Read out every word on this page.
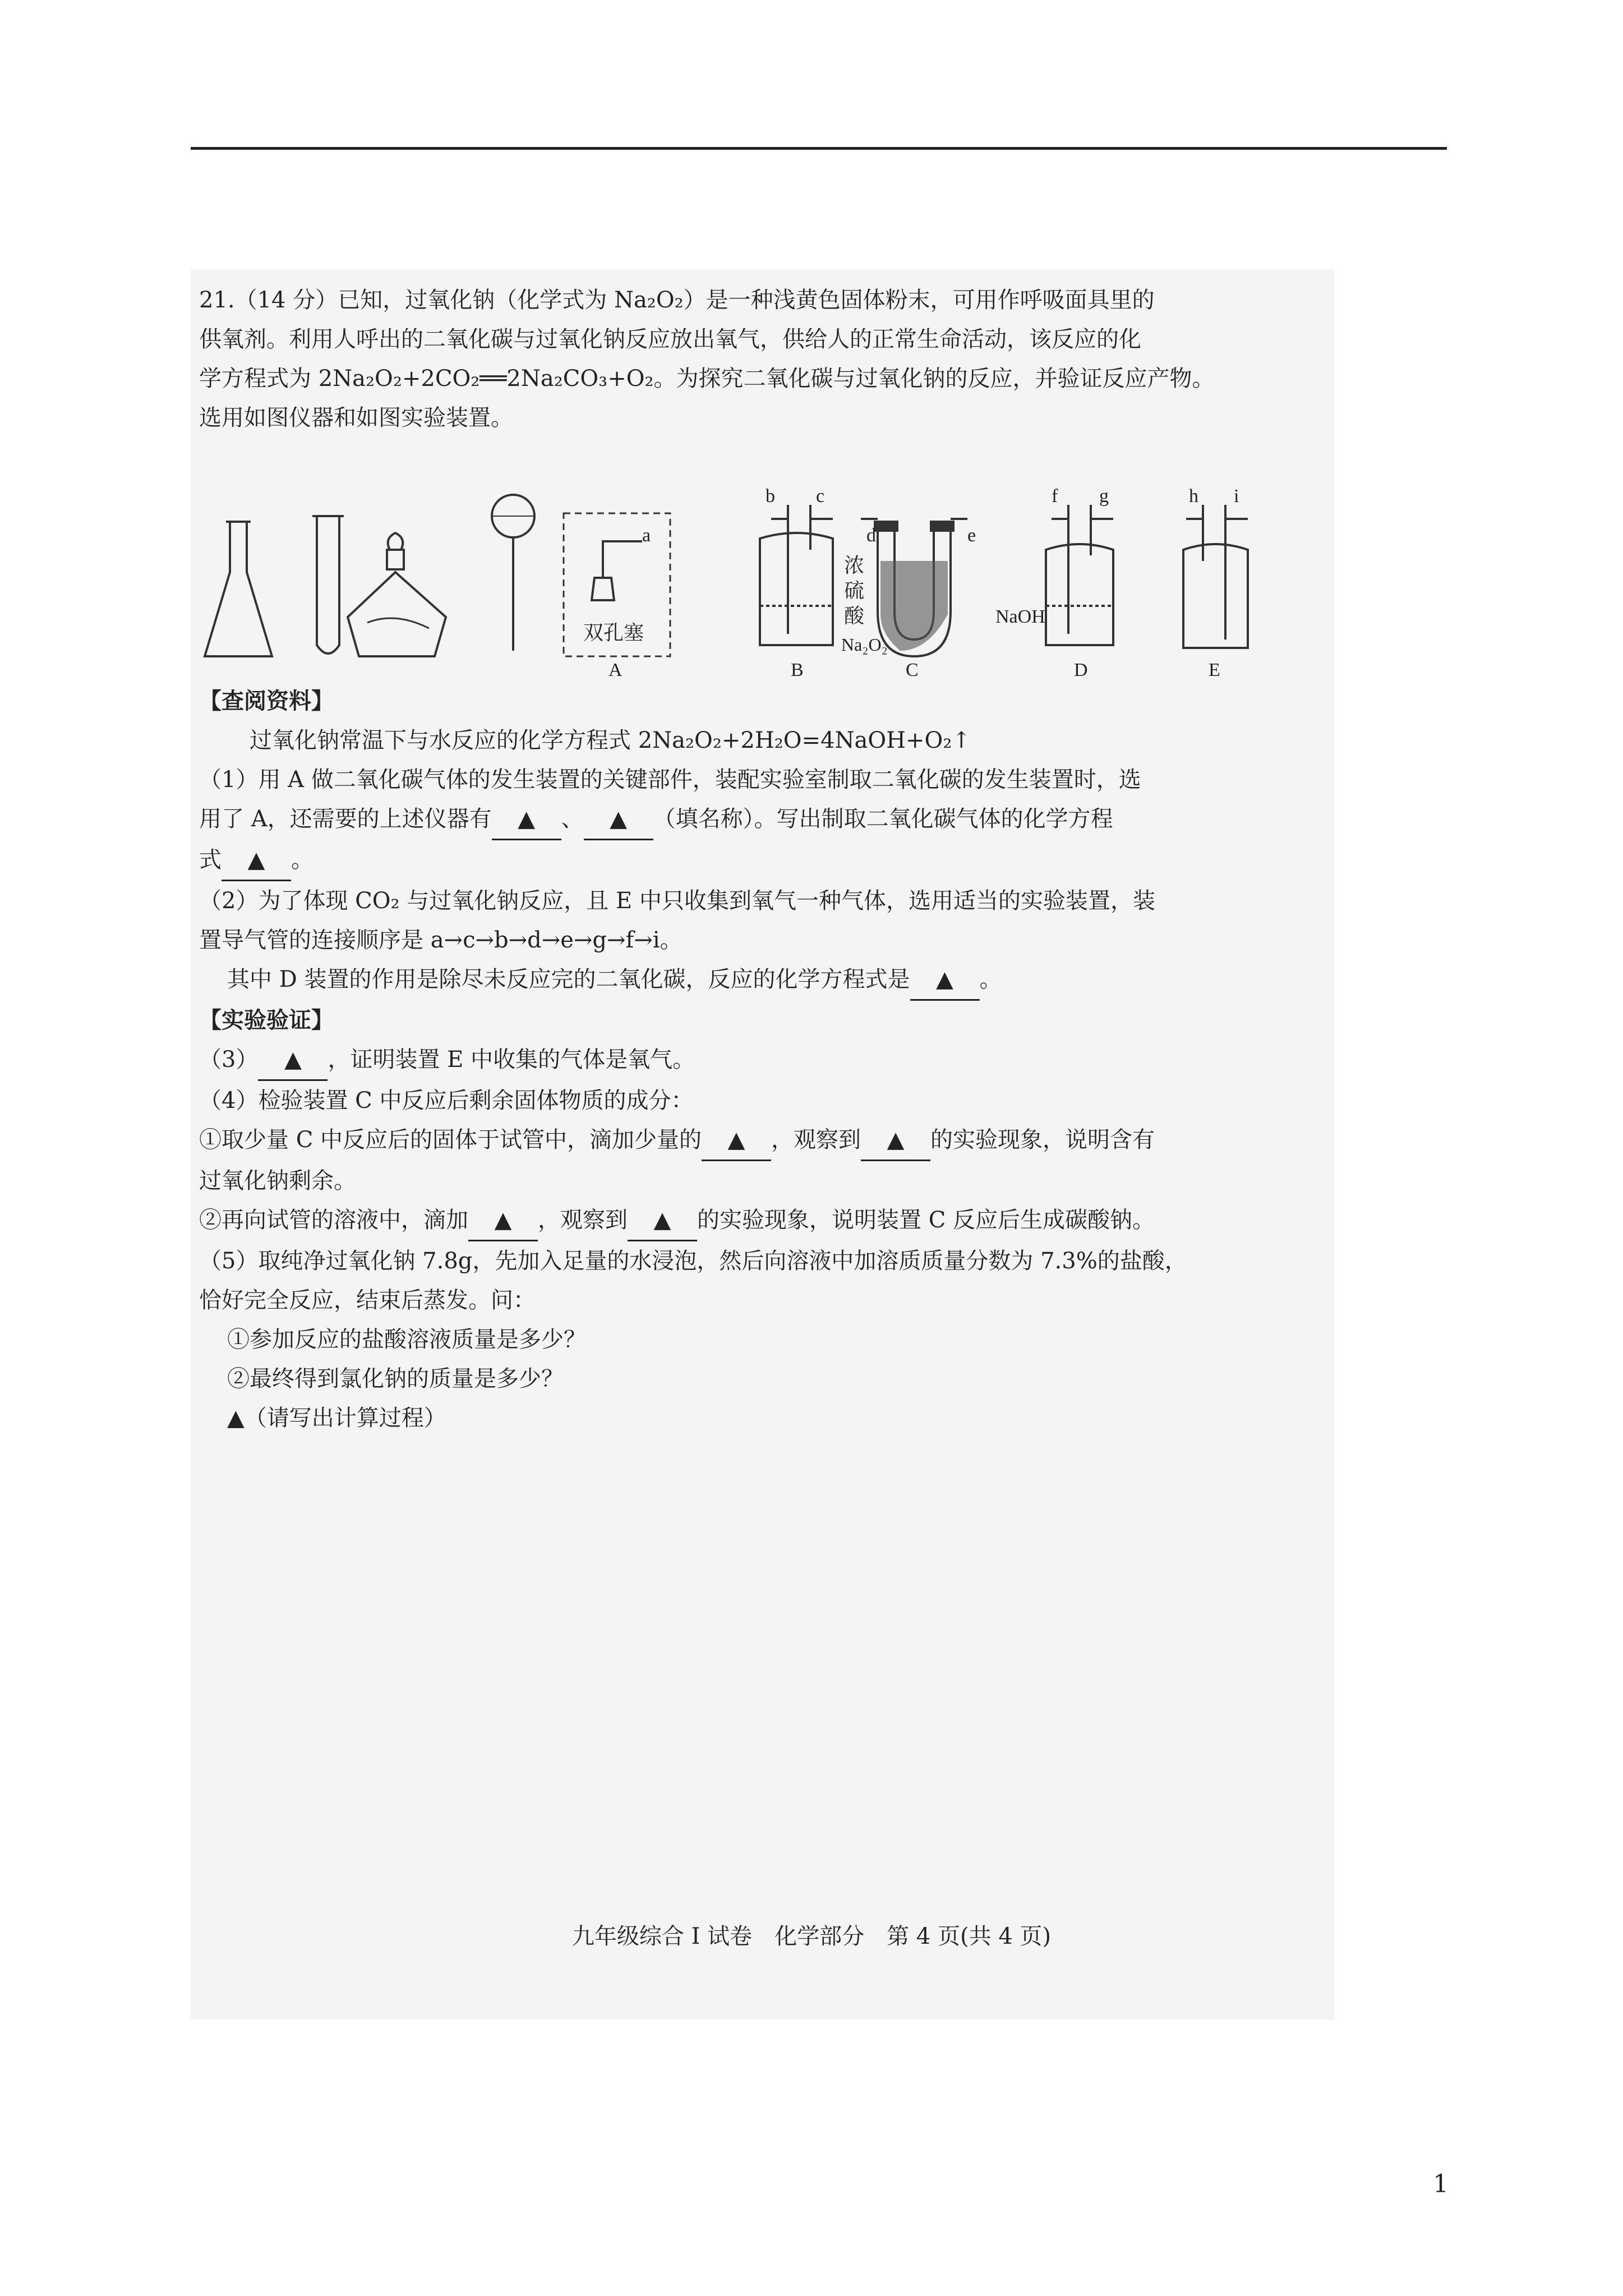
21.（14 分）已知，过氧化钠（化学式为 Na₂O₂）是一种浅黄色固体粉末，可用作呼吸面具里的
供氧剂。利用人呼出的二氧化碳与过氧化钠反应放出氧气，供给人的正常生命活动，该反应的化
学方程式为 2Na₂O₂+2CO₂══2Na₂CO₃+O₂。为探究二氧化碳与过氧化钠的反应，并验证反应产物。
选用如图仪器和如图实验装置。
a
b c
d	e
f g	h i
双孔塞
浓
硫
酸
Na₂O₂
NaOH
A	B	C	D	E
【查阅资料】
过氧化钠常温下与水反应的化学方程式 2Na₂O₂+2H₂O=4NaOH+O₂↑
（1）用 A 做二氧化碳气体的发生装置的关键部件，装配实验室制取二氧化碳的发生装置时，选
用了 A，还需要的上述仪器有 ▲ 、 ▲ （填名称）。写出制取二氧化碳气体的化学方程
式 ▲ 。
（2）为了体现 CO₂ 与过氧化钠反应，且 E 中只收集到氧气一种气体，选用适当的实验装置，装
置导气管的连接顺序是 a→c→b→d→e→g→f→i。
其中 D 装置的作用是除尽未反应完的二氧化碳，反应的化学方程式是 ▲ 。
【实验验证】
（3） ▲ ，证明装置 E 中收集的气体是氧气。
（4）检验装置 C 中反应后剩余固体物质的成分：
①取少量 C 中反应后的固体于试管中，滴加少量的 ▲ ，观察到 ▲ 的实验现象，说明含有
过氧化钠剩余。
②再向试管的溶液中，滴加 ▲ ，观察到 ▲ 的实验现象，说明装置 C 反应后生成碳酸钠。
（5）取纯净过氧化钠 7.8g，先加入足量的水浸泡，然后向溶液中加溶质质量分数为 7.3%的盐酸，
恰好完全反应，结束后蒸发。问：
①参加反应的盐酸溶液质量是多少？
②最终得到氯化钠的质量是多少？
▲（请写出计算过程）
九年级综合 I 试卷　化学部分　第 4 页(共 4 页)
1
